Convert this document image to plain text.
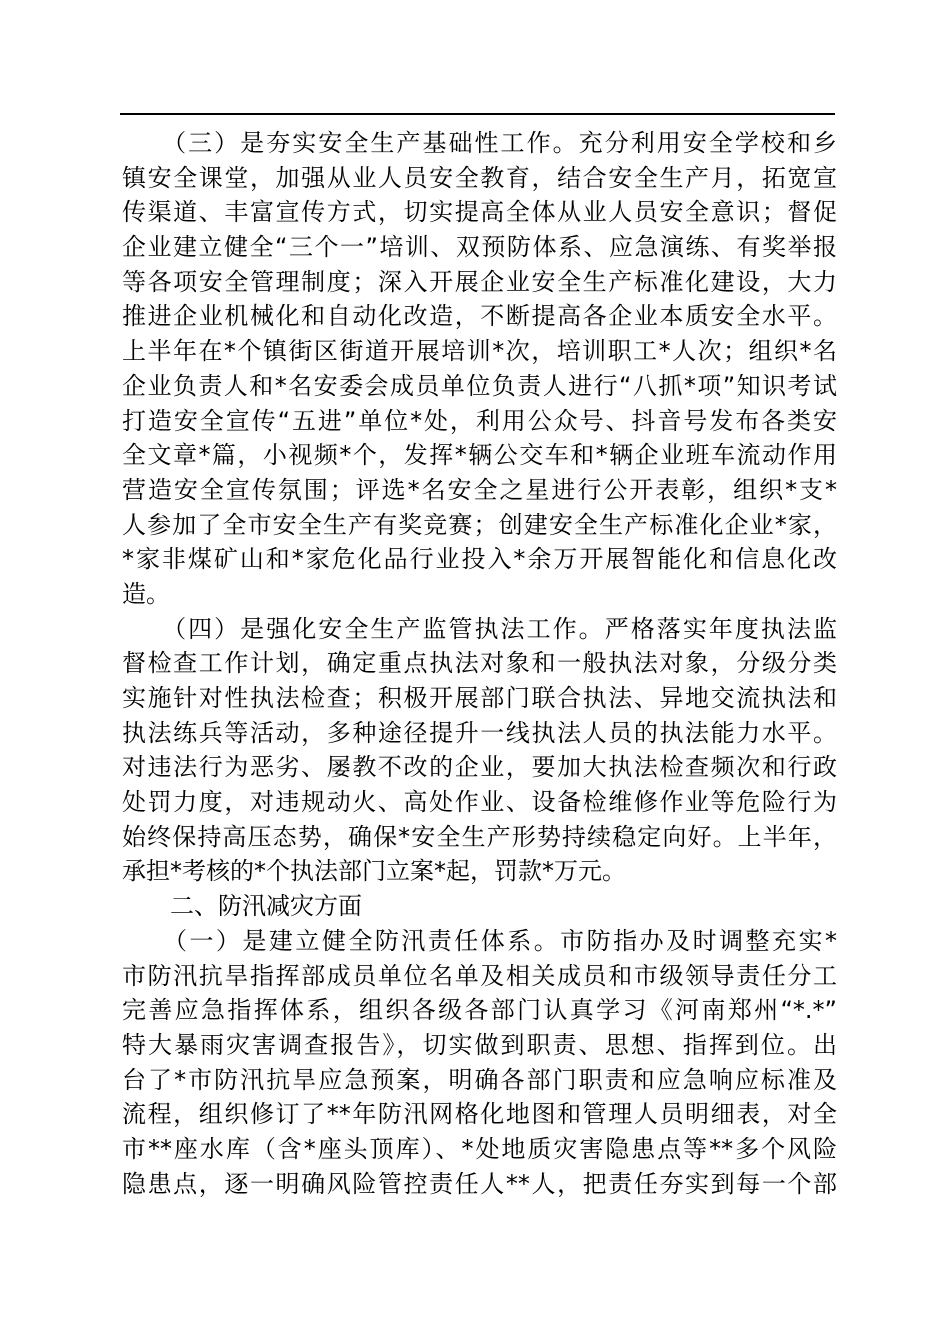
　　（三）是夯实安全生产基础性工作。充分利用安全学校和乡
镇安全课堂，加强从业人员安全教育，结合安全生产月，拓宽宣
传渠道、丰富宣传方式，切实提高全体从业人员安全意识；督促
企业建立健全“三个一”培训、双预防体系、应急演练、有奖举报
等各项安全管理制度；深入开展企业安全生产标准化建设，大力
推进企业机械化和自动化改造，不断提高各企业本质安全水平。
上半年在*个镇街区街道开展培训*次，培训职工*人次；组织*名
企业负责人和*名安委会成员单位负责人进行“八抓*项”知识考试
打造安全宣传“五进”单位*处，利用公众号、抖音号发布各类安
全文章*篇，小视频*个，发挥*辆公交车和*辆企业班车流动作用
营造安全宣传氛围；评选*名安全之星进行公开表彰，组织*支*
人参加了全市安全生产有奖竞赛；创建安全生产标准化企业*家，
*家非煤矿山和*家危化品行业投入*余万开展智能化和信息化改
造。
　　（四）是强化安全生产监管执法工作。严格落实年度执法监
督检查工作计划，确定重点执法对象和一般执法对象，分级分类
实施针对性执法检查；积极开展部门联合执法、异地交流执法和
执法练兵等活动，多种途径提升一线执法人员的执法能力水平。
对违法行为恶劣、屡教不改的企业，要加大执法检查频次和行政
处罚力度，对违规动火、高处作业、设备检维修作业等危险行为
始终保持高压态势，确保*安全生产形势持续稳定向好。上半年，
承担*考核的*个执法部门立案*起，罚款*万元。
　　二、防汛减灾方面
　　（一）是建立健全防汛责任体系。市防指办及时调整充实*
市防汛抗旱指挥部成员单位名单及相关成员和市级领导责任分工
完善应急指挥体系，组织各级各部门认真学习《河南郑州“*.*”
特大暴雨灾害调查报告》，切实做到职责、思想、指挥到位。出
台了*市防汛抗旱应急预案，明确各部门职责和应急响应标准及
流程，组织修订了**年防汛网格化地图和管理人员明细表，对全
市**座水库（含*座头顶库）、*处地质灾害隐患点等**多个风险
隐患点，逐一明确风险管控责任人**人，把责任夯实到每一个部
